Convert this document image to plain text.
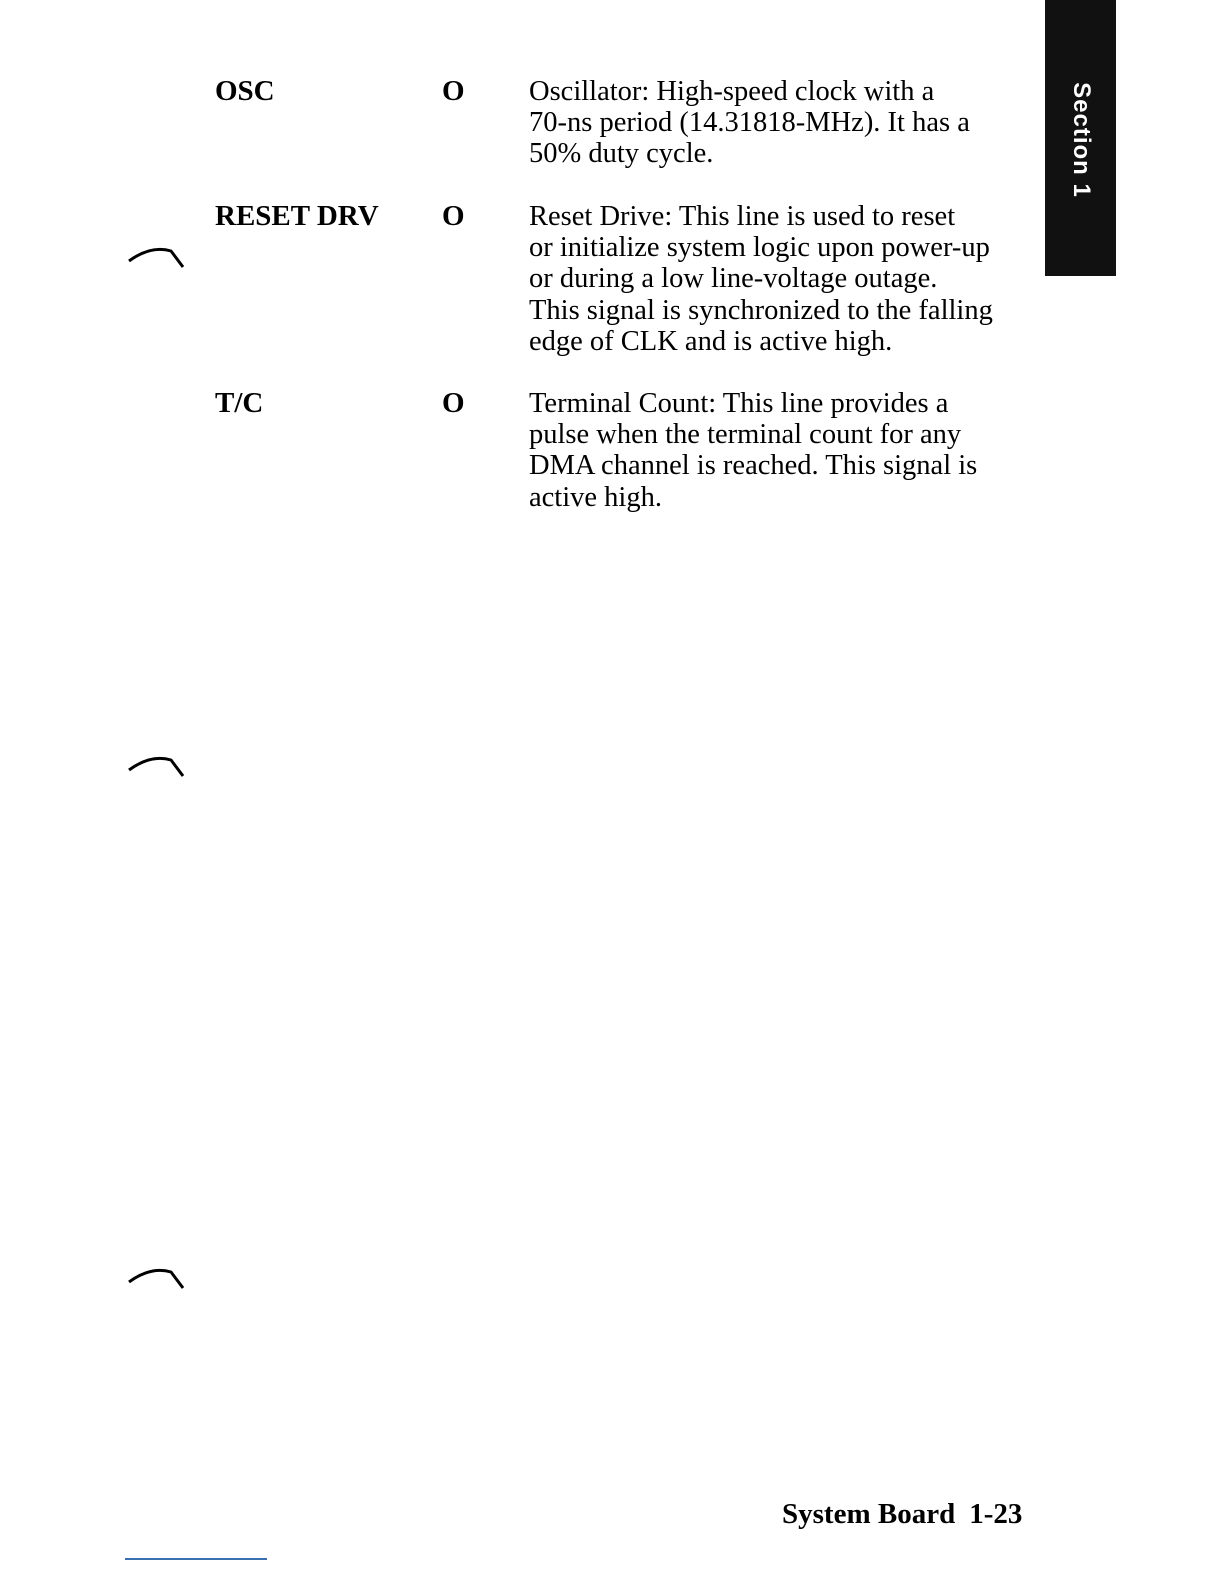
Section 1
OSC	O Oscillator: High-speed clock with a
70-ns period (14.31818-MHz). It has a
50% duty cycle.
RESET DRV O Reset Drive: This line is used to reset
or initialize system logic upon power-up
or during a low line-voltage outage.
This signal is synchronized to the falling
edge of CLK and is active high.
T/C	O Terminal Count: This line provides a
pulse when the terminal count for any
DMA channel is reached. This signal is
active high.
System Board 1-23
